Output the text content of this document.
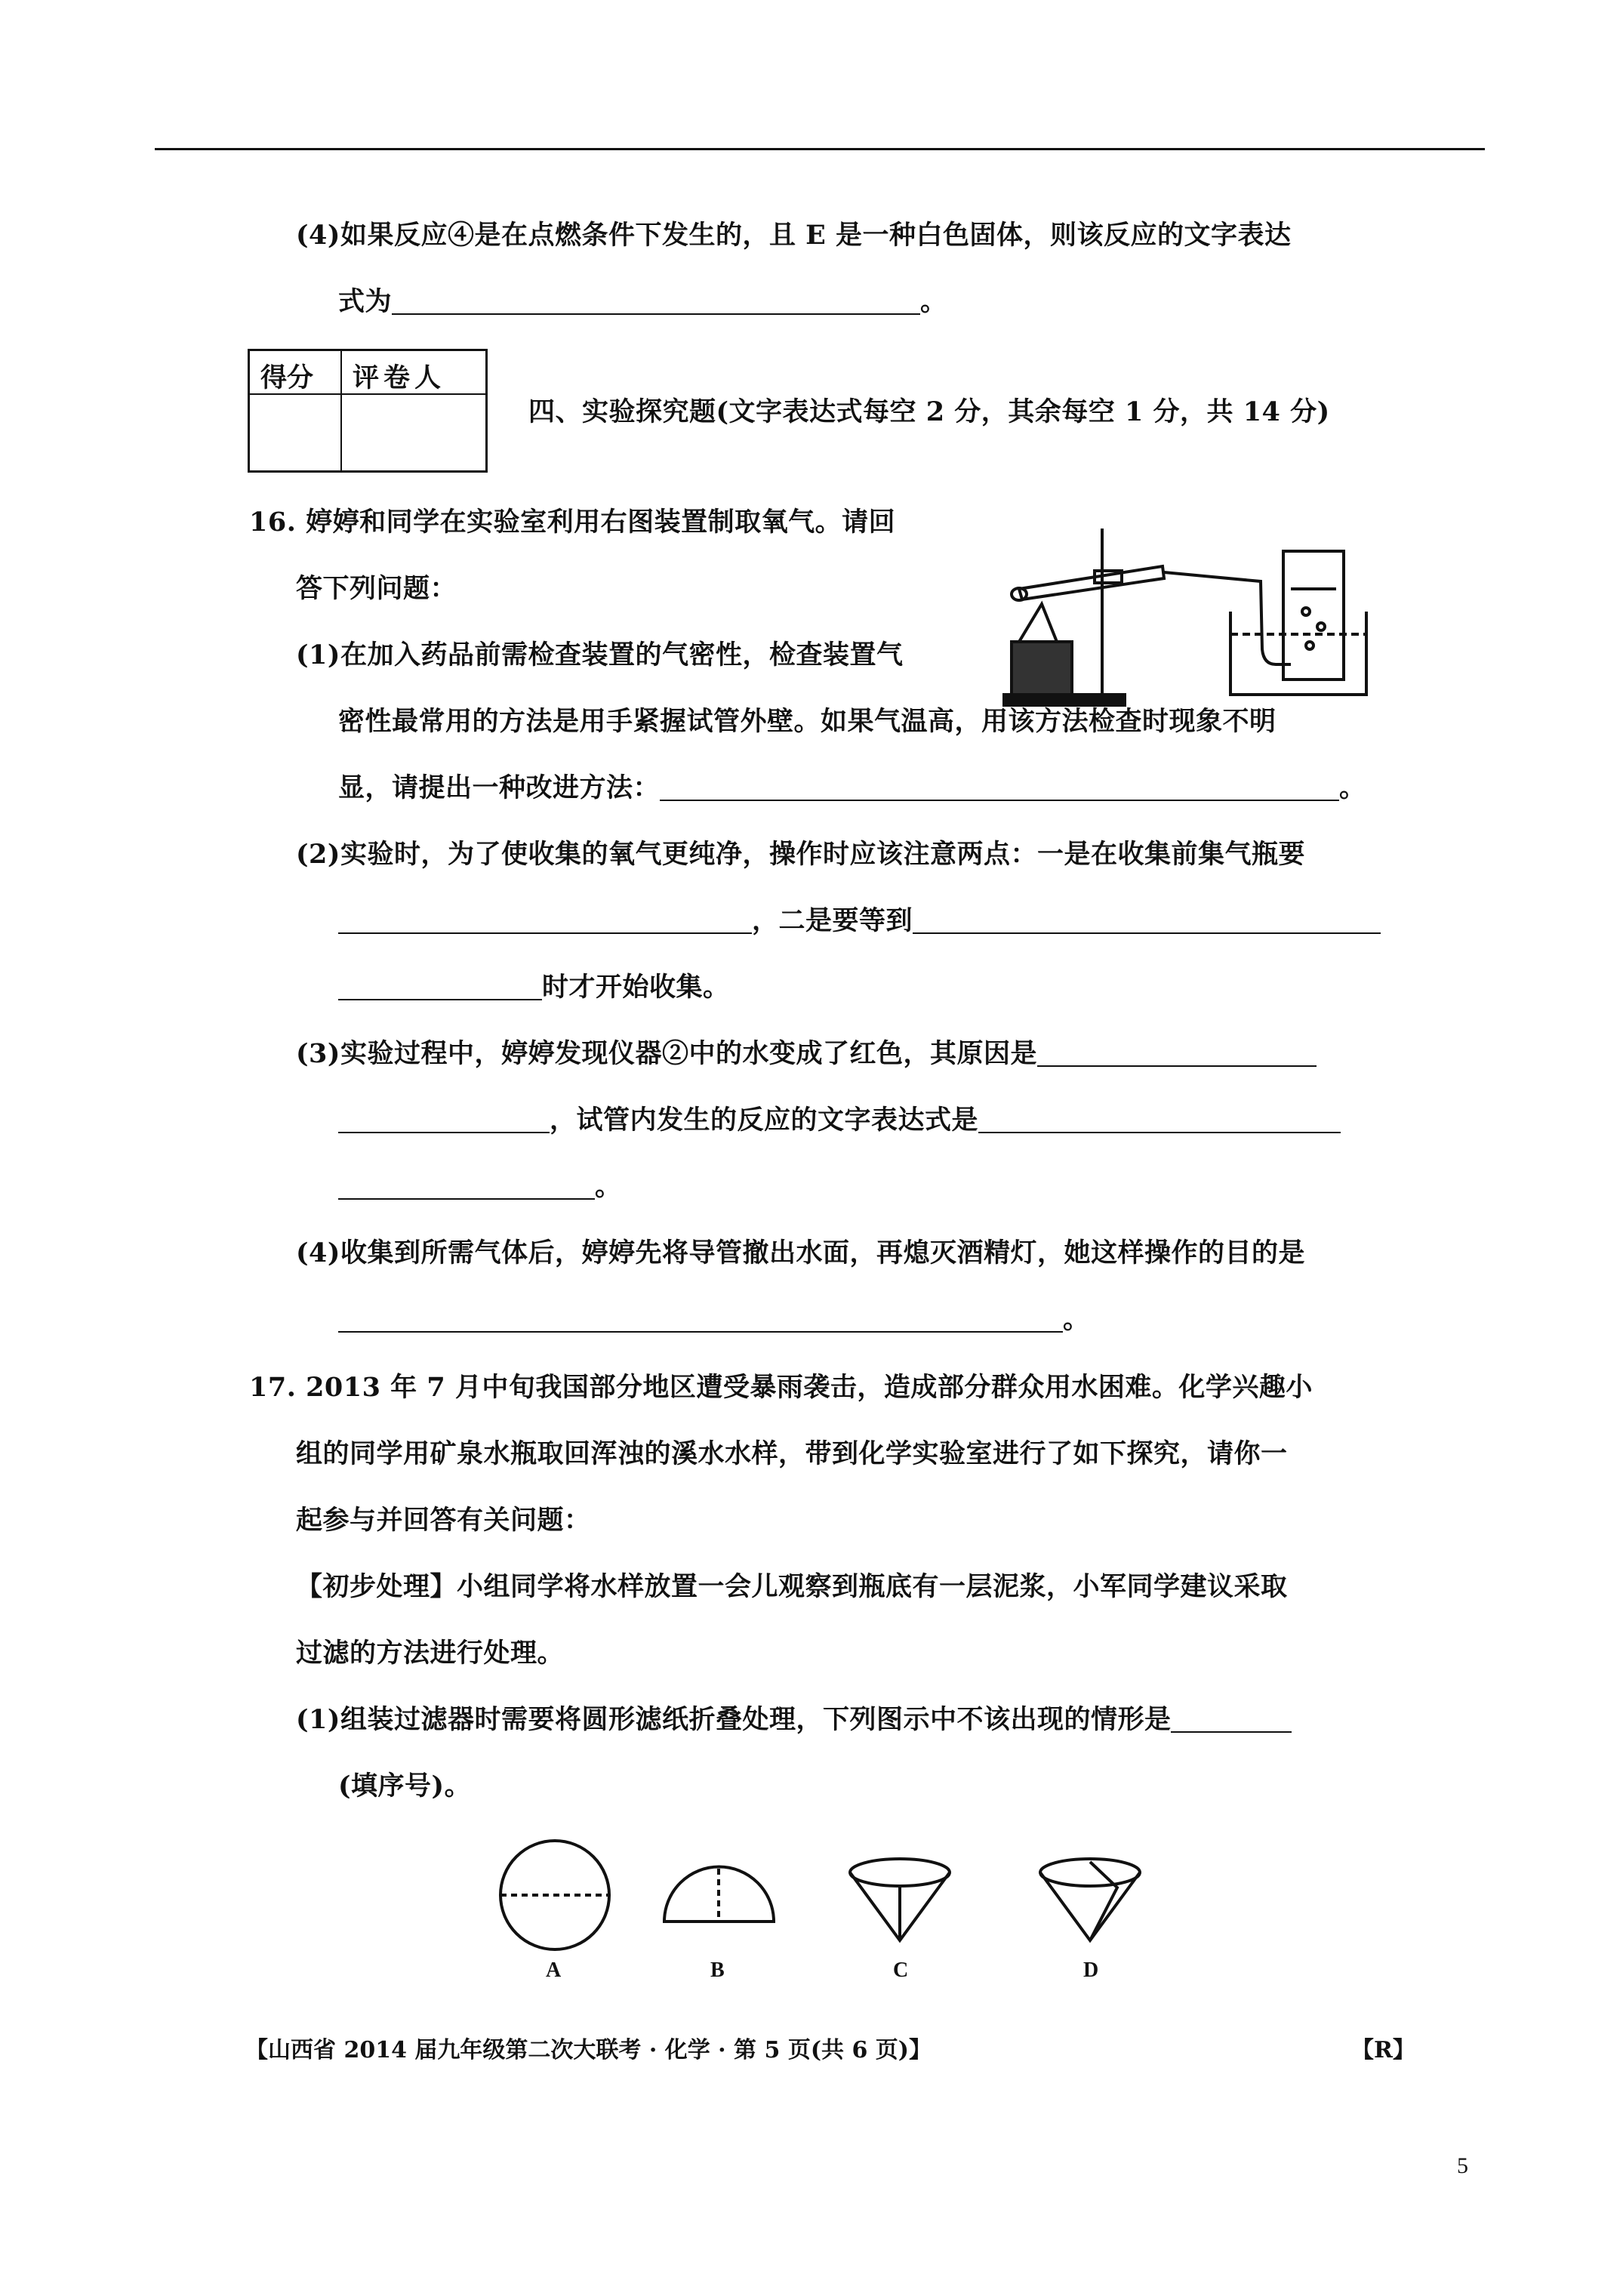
(4)如果反应④是在点燃条件下发生的，且 E 是一种白色固体，则该反应的文字表达
式为	。
得分 评卷人
四、实验探究题(文字表达式每空 2 分，其余每空 1 分，共 14 分)
16. 婷婷和同学在实验室利用右图装置制取氧气。请回
答下列问题：
(1)在加入药品前需检查装置的气密性，检查装置气
密性最常用的方法是用手紧握试管外壁。如果气温高，用该方法检查时现象不明
显，请提出一种改进方法：	。
(2)实验时，为了使收集的氧气更纯净，操作时应该注意两点：一是在收集前集气瓶要
，二是要等到
时才开始收集。
(3)实验过程中，婷婷发现仪器②中的水变成了红色，其原因是
，试管内发生的反应的文字表达式是
。
(4)收集到所需气体后，婷婷先将导管撤出水面，再熄灭酒精灯，她这样操作的目的是
。
17. 2013 年 7 月中旬我国部分地区遭受暴雨袭击，造成部分群众用水困难。化学兴趣小
组的同学用矿泉水瓶取回浑浊的溪水水样，带到化学实验室进行了如下探究，请你一
起参与并回答有关问题：
【初步处理】小组同学将水样放置一会儿观察到瓶底有一层泥浆，小军同学建议采取
过滤的方法进行处理。
(1)组装过滤器时需要将圆形滤纸折叠处理，下列图示中不该出现的情形是
(填序号)。
A	B	C	D
【山西省 2014 届九年级第二次大联考 · 化学 · 第 5 页(共 6 页)】	【R】
5
